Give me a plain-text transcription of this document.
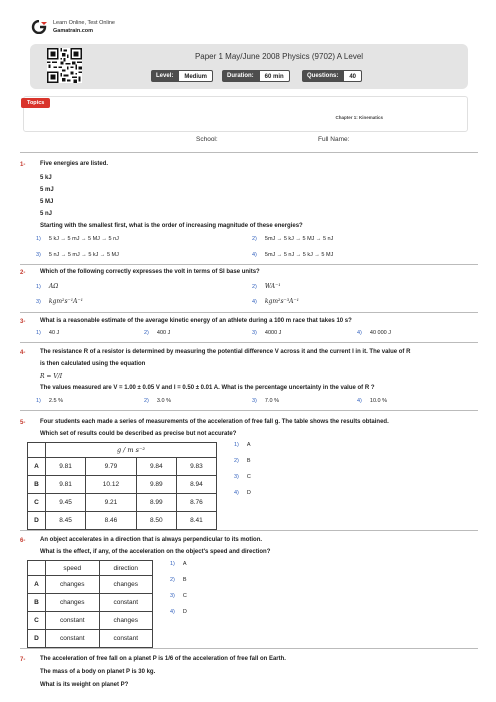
Learn Online, Test Online
Gamatrain.com
Paper 1 May/June 2008 Physics (9702) A Level
Level:	Medium	Duration:	60 min	Questions:	40
Topics
Chapter 1: Kinematics
School:	Full Name:
1- Five energies are listed.
5 kJ
5 mJ
5 MJ
5 nJ
Starting with the smallest first, what is the order of increasing magnitude of these energies?
1) 5 kJ → 5 mJ → 5 MJ → 5 nJ	2) 5mJ → 5 kJ → 5 MJ → 5 nJ
3) 5 nJ → 5 mJ → 5 kJ → 5 MJ	4) 5mJ → 5 nJ → 5 kJ → 5 MJ
2- Which of the following correctly expresses the volt in terms of SI base units?
1) AΩ	2) WA⁻¹
3) kgm²s⁻¹A⁻¹	4) kgm²s⁻³A⁻¹
3- What is a reasonable estimate of the average kinetic energy of an athlete during a 100 m race that takes 10 s?
1) 40 J	2) 400 J	3) 4000 J	4) 40 000 J
4- The resistance R of a resistor is determined by measuring the potential difference V across it and the current I in it. The value of R
is then calculated using the equation
R = V/I
The values measured are V = 1.00 ± 0.05 V and I = 0.50 ± 0.01 A. What is the percentage uncertainty in the value of R ?
1) 2.5 %	2) 3.0 %	3) 7.0 %	4) 10.0 %
5- Four students each made a series of measurements of the acceleration of free fall g. The table shows the results obtained.
Which set of results could be described as precise but not accurate?
	g / m s⁻²			
A	9.81	9.79	9.84	9.83
B	9.81	10.12	9.89	8.94
C	9.45	9.21	8.99	8.76
D	8.45	8.46	8.50	8.41
1) A
2) B
3) C
4) D
6- An object accelerates in a direction that is always perpendicular to its motion.
What is the effect, if any, of the acceleration on the object's speed and direction?
	speed	direction
A	changes	changes
B	changes	constant
C	constant	changes
D	constant	constant
1) A
2) B
3) C
4) D
7- The acceleration of free fall on a planet P is 1/6 of the acceleration of free fall on Earth.
The mass of a body on planet P is 30 kg.
What is its weight on planet P?
